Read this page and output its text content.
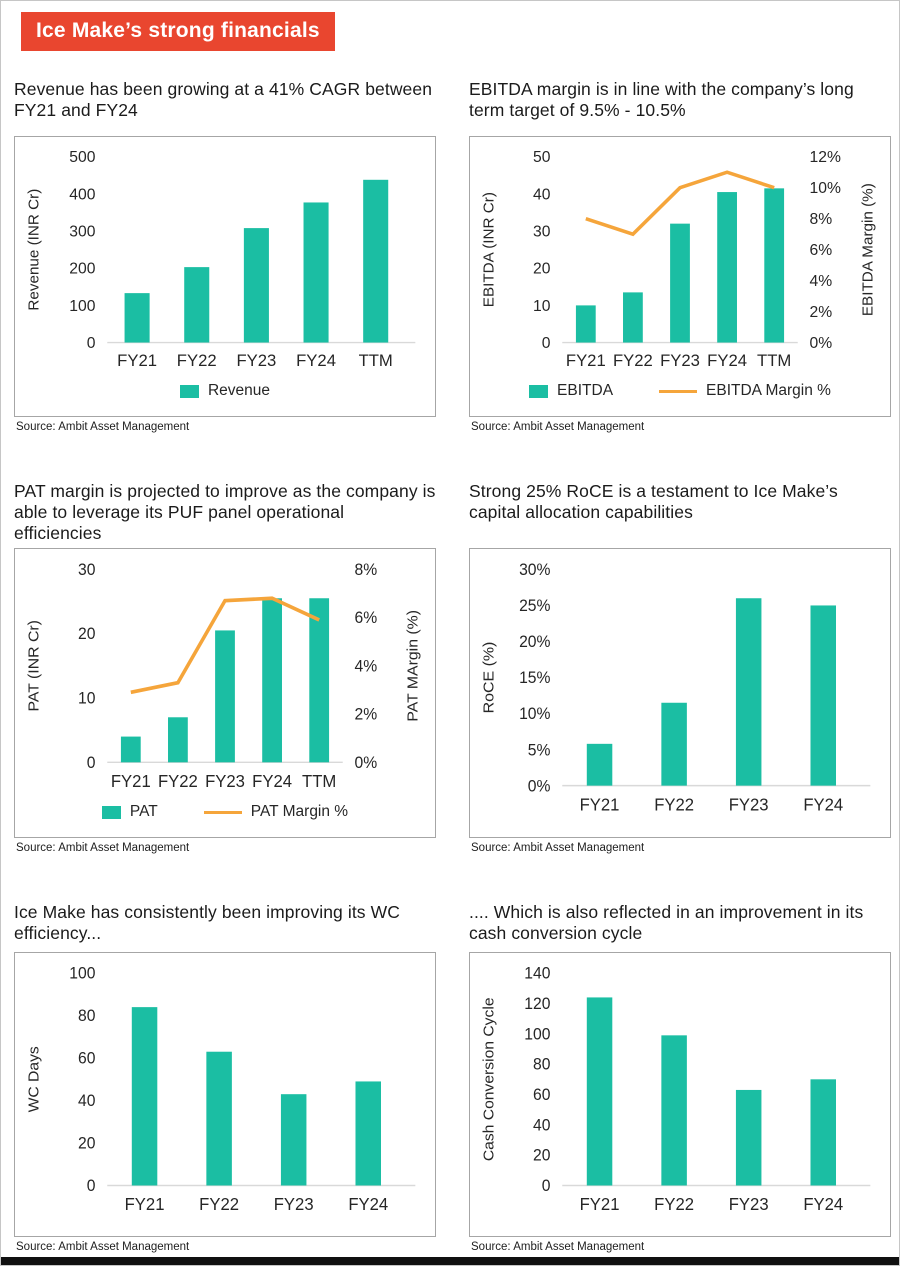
Ice Make’s strong financials
Revenue has been growing at a 41% CAGR between FY21 and FY24
0
100
200
300
400
500
Revenue (INR Cr)
FY21 FY22 FY23 FY24 TTM
Revenue

Source: Ambit Asset Management

EBITDA margin is in line with the company’s long term target of 9.5% - 10.5%
0
10
20
30
40
50
EBITDA (INR Cr)
0%
2%
4%
6%
8%
10%
12%
EBITDA Margin (%)
FY21 FY22 FY23 FY24 TTM
EBITDA	EBITDA Margin %

Source: Ambit Asset Management

PAT margin is projected to improve as the company is able to leverage its PUF panel operational efficiencies
0
10
20
30
PAT (INR Cr)
0%
2%
4%
6%
8%
PAT MArgin (%)
FY21 FY22 FY23 FY24 TTM
PAT	PAT Margin %

Source: Ambit Asset Management

Strong 25% RoCE is a testament to Ice Make’s capital allocation capabilities
0%
5%
10%
15%
20%
25%
30%
RoCE (%)
FY21 FY22 FY23 FY24

Source: Ambit Asset Management

Ice Make has consistently been improving its WC efficiency...
0
20
40
60
80
100
WC Days
FY21 FY22 FY23 FY24

Source: Ambit Asset Management

.... Which is also reflected in an improvement in its cash conversion cycle
0
20
40
60
80
100
120
140
Cash Conversion Cycle
FY21 FY22 FY23 FY24

Source: Ambit Asset Management
